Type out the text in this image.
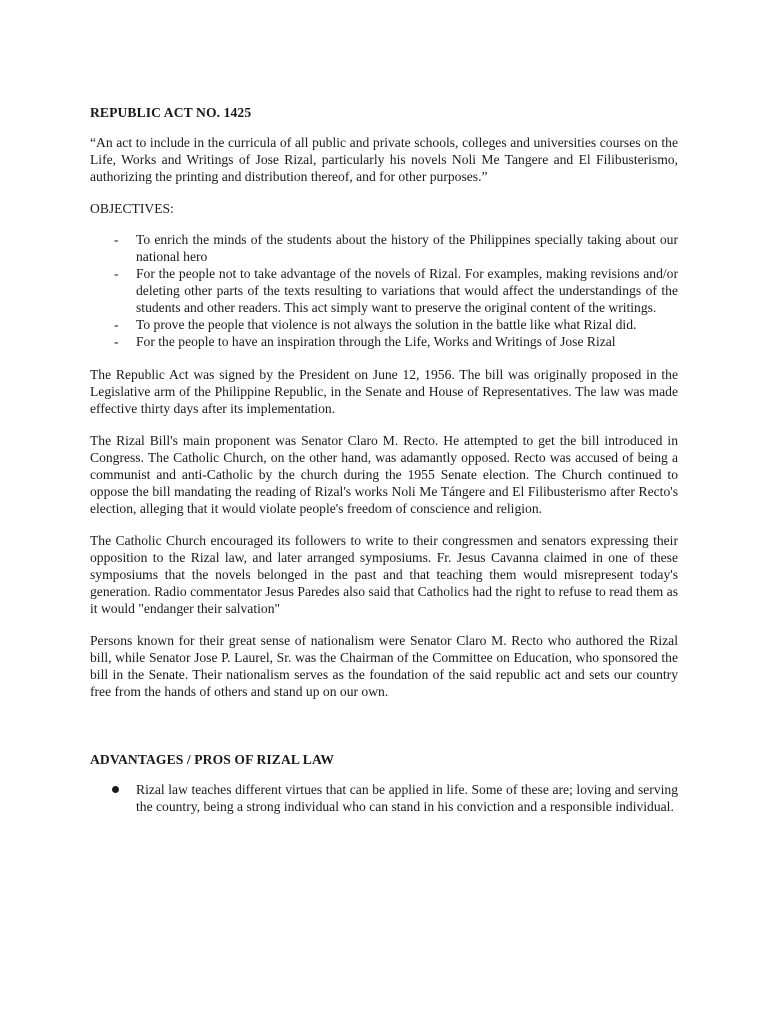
REPUBLIC ACT NO. 1425

“An act to include in the curricula of all public and private schools, colleges and universities courses on the Life, Works and Writings of Jose Rizal, particularly his novels Noli Me Tangere and El Filibusterismo, authorizing the printing and distribution thereof, and for other purposes.”

OBJECTIVES:

- To enrich the minds of the students about the history of the Philippines specially taking about our national hero
- For the people not to take advantage of the novels of Rizal. For examples, making revisions and/or deleting other parts of the texts resulting to variations that would affect the understandings of the students and other readers. This act simply want to preserve the original content of the writings.
- To prove the people that violence is not always the solution in the battle like what Rizal did.
- For the people to have an inspiration through the Life, Works and Writings of Jose Rizal

The Republic Act was signed by the President on June 12, 1956. The bill was originally proposed in the Legislative arm of the Philippine Republic, in the Senate and House of Representatives. The law was made effective thirty days after its implementation.

The Rizal Bill's main proponent was Senator Claro M. Recto. He attempted to get the bill introduced in Congress. The Catholic Church, on the other hand, was adamantly opposed. Recto was accused of being a communist and anti-Catholic by the church during the 1955 Senate election. The Church continued to oppose the bill mandating the reading of Rizal's works Noli Me Tángere and El Filibusterismo after Recto's election, alleging that it would violate people's freedom of conscience and religion.

The Catholic Church encouraged its followers to write to their congressmen and senators expressing their opposition to the Rizal law, and later arranged symposiums. Fr. Jesus Cavanna claimed in one of these symposiums that the novels belonged in the past and that teaching them would misrepresent today's generation. Radio commentator Jesus Paredes also said that Catholics had the right to refuse to read them as it would "endanger their salvation"

Persons known for their great sense of nationalism were Senator Claro M. Recto who authored the Rizal bill, while Senator Jose P. Laurel, Sr. was the Chairman of the Committee on Education, who sponsored the bill in the Senate. Their nationalism serves as the foundation of the said republic act and sets our country free from the hands of others and stand up on our own.

ADVANTAGES / PROS OF RIZAL LAW
Rizal law teaches different virtues that can be applied in life. Some of these are; loving and serving the country, being a strong individual who can stand in his conviction and a responsible individual.
